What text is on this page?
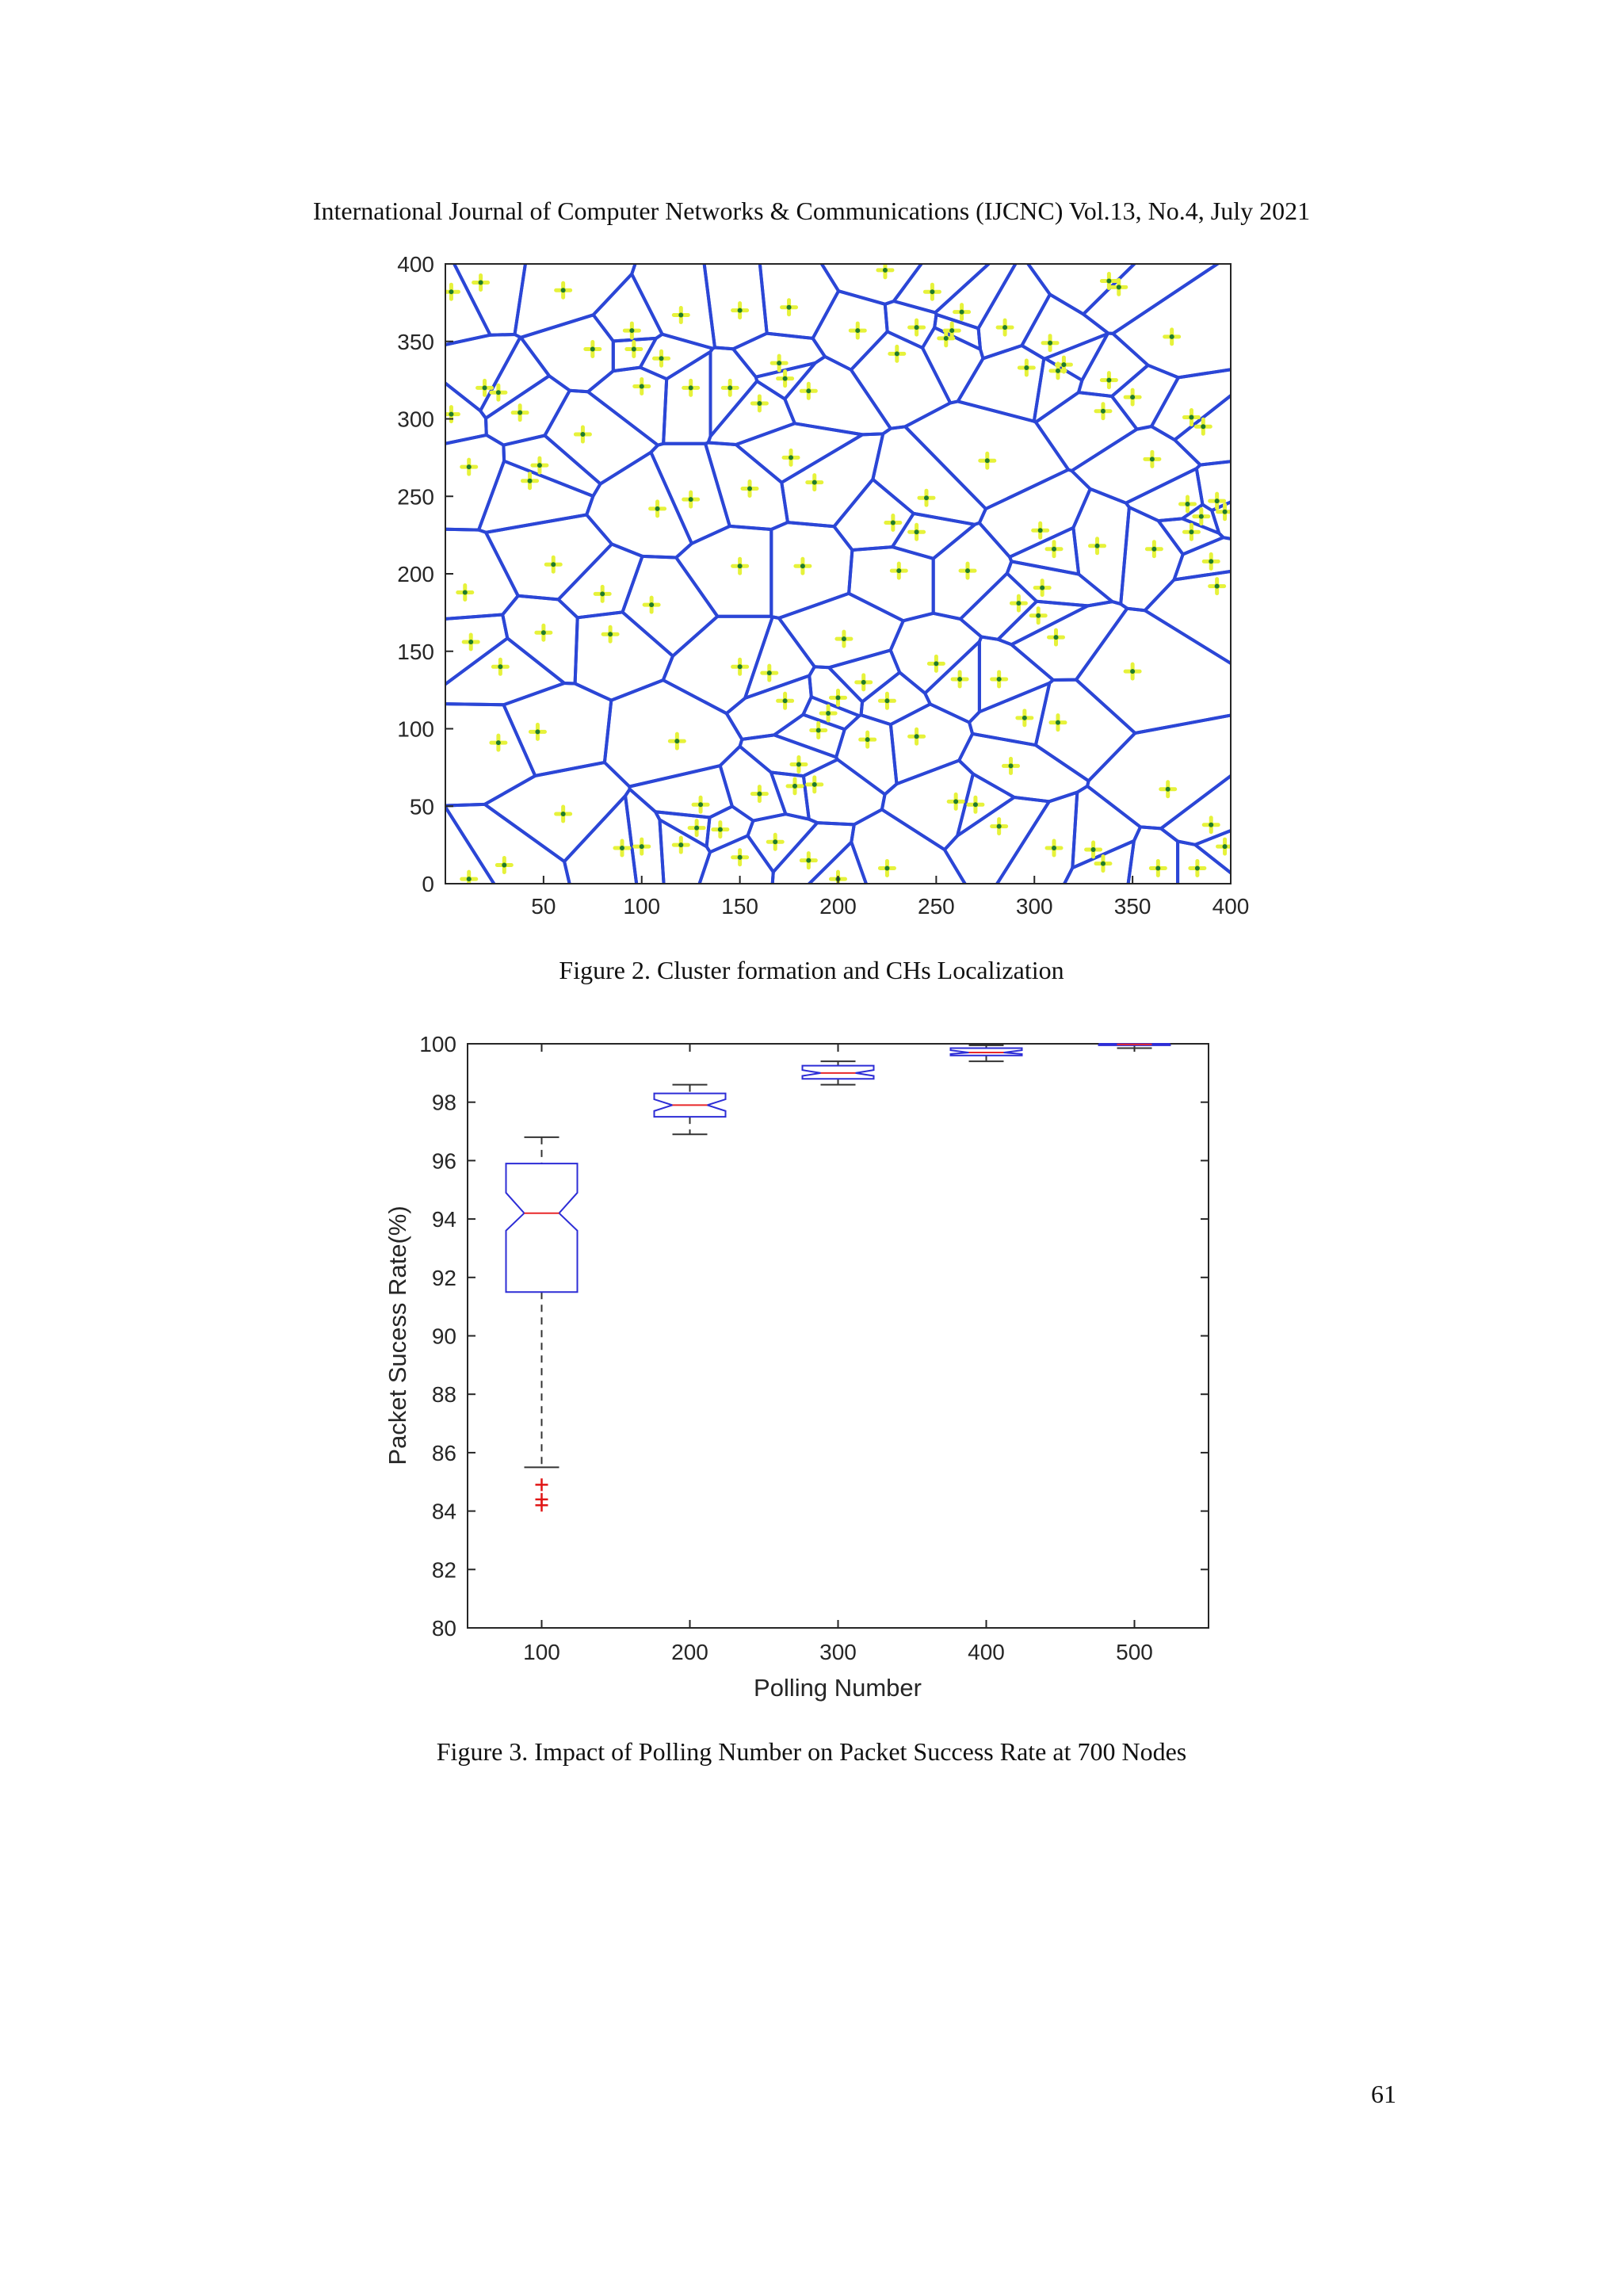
International Journal of Computer Networks & Communications (IJCNC) Vol.13, No.4, July 2021
50	100	150	200	250	300	350	400
0
50
100
150
200
250
300
350
400
Figure 2. Cluster formation and CHs Localization
80
82
84
86
88
90
92
94
96
98
100
100	200	300	400	500
Polling Number
Packet Sucess Rate(%)
Figure 3. Impact of Polling Number on Packet Success Rate at 700 Nodes
61
